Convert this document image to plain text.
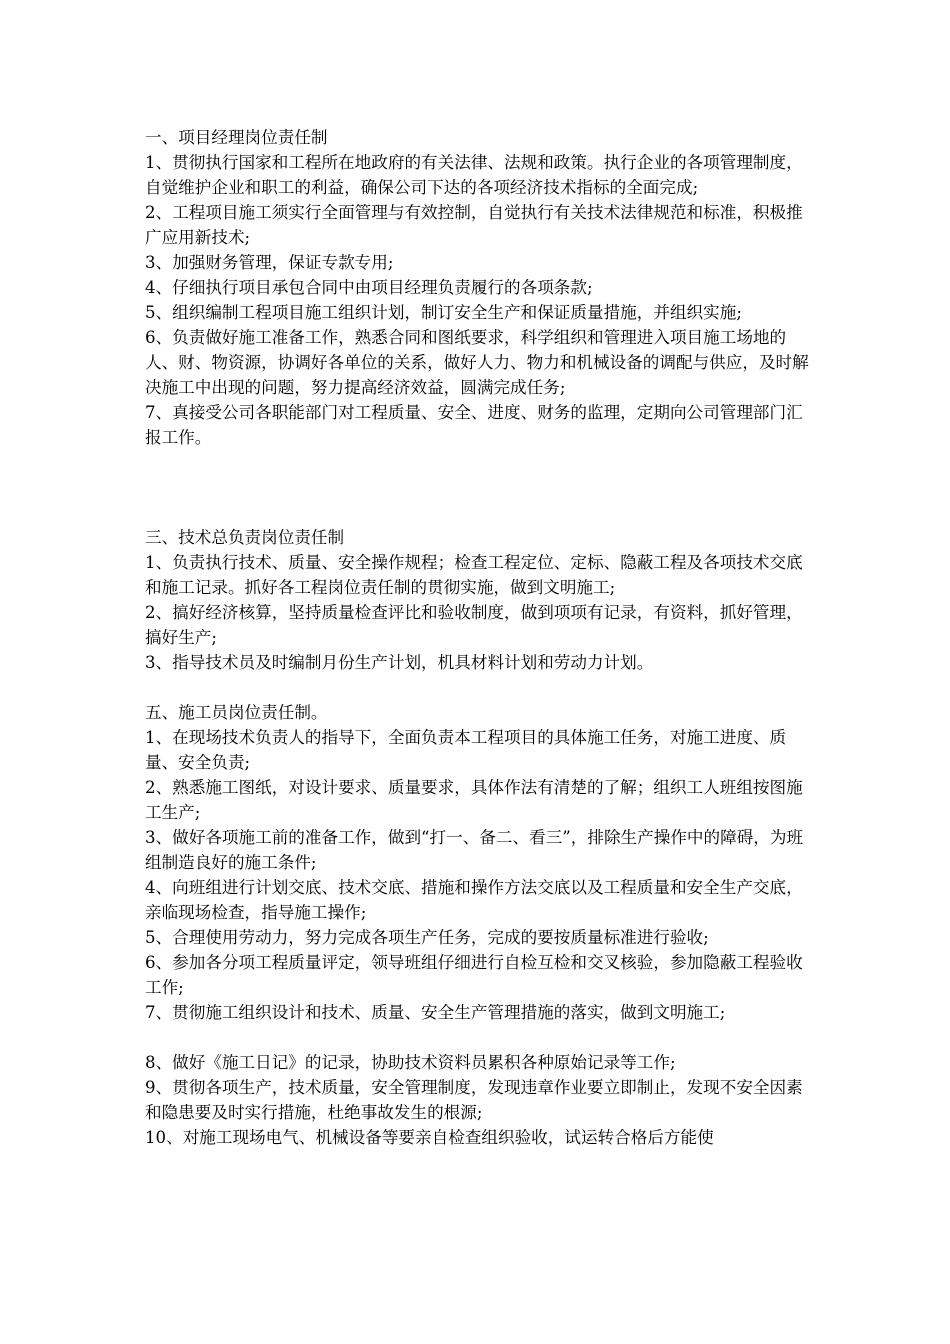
一、项目经理岗位责任制

1、贯彻执行国家和工程所在地政府的有关法律、法规和政策。执行企业的各项管理制度，自觉维护企业和职工的利益，确保公司下达的各项经济技术指标的全面完成;

2、工程项目施工须实行全面管理与有效控制，自觉执行有关技术法律规范和标准，积极推广应用新技术;

3、加强财务管理，保证专款专用;

4、仔细执行项目承包合同中由项目经理负责履行的各项条款;

5、组织编制工程项目施工组织计划，制订安全生产和保证质量措施，并组织实施;

6、负责做好施工准备工作，熟悉合同和图纸要求，科学组织和管理进入项目施工场地的人、财、物资源，协调好各单位的关系，做好人力、物力和机械设备的调配与供应，及时解决施工中出现的问题，努力提高经济效益，圆满完成任务;

7、真接受公司各职能部门对工程质量、安全、进度、财务的监理，定期向公司管理部门汇报工作。

三、技术总负责岗位责任制

1、负责执行技术、质量、安全操作规程；检查工程定位、定标、隐蔽工程及各项技术交底和施工记录。抓好各工程岗位责任制的贯彻实施，做到文明施工;

2、搞好经济核算，坚持质量检查评比和验收制度，做到项项有记录，有资料，抓好管理，搞好生产;

3、指导技术员及时编制月份生产计划，机具材料计划和劳动力计划。

五、施工员岗位责任制。

1、在现场技术负责人的指导下，全面负责本工程项目的具体施工任务，对施工进度、质量、安全负责;

2、熟悉施工图纸，对设计要求、质量要求，具体作法有清楚的了解；组织工人班组按图施工生产;

3、做好各项施工前的准备工作，做到“打一、备二、看三”，排除生产操作中的障碍，为班组制造良好的施工条件;

4、向班组进行计划交底、技术交底、措施和操作方法交底以及工程质量和安全生产交底，亲临现场检查，指导施工操作;

5、合理使用劳动力，努力完成各项生产任务，完成的要按质量标准进行验收;

6、参加各分项工程质量评定，领导班组仔细进行自检互检和交叉核验，参加隐蔽工程验收工作;

7、贯彻施工组织设计和技术、质量、安全生产管理措施的落实，做到文明施工;

8、做好《施工日记》的记录，协助技术资料员累积各种原始记录等工作;

9、贯彻各项生产，技术质量，安全管理制度，发现违章作业要立即制止，发现不安全因素和隐患要及时实行措施，杜绝事故发生的根源;

10、对施工现场电气、机械设备等要亲自检查组织验收，试运转合格后方能使
